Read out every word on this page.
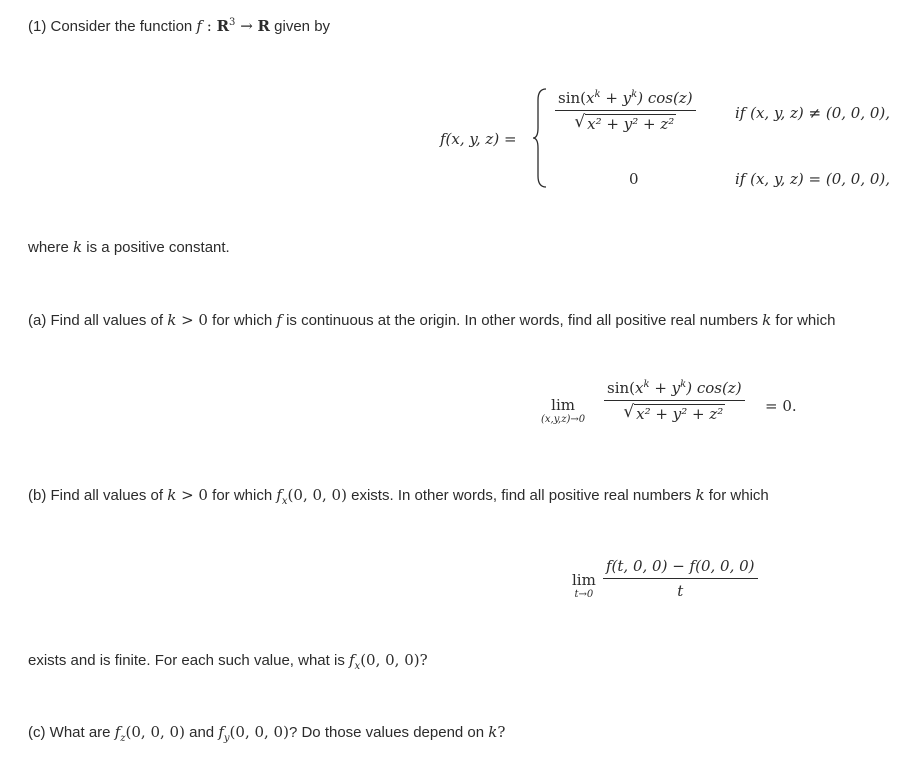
(1) Consider the function f : $R^3 \to R$ given by
f(x, y, z) =
$\frac{\sin(x^k + y^k) \cos(z)}{\text{√ x² + y² + z²}}$	if (x, y, z) ≠ (0, 0, 0),
0	if (x, y, z) = (0, 0, 0),
where k is a positive constant.
(a) Find all values of k > 0 for which f is continuous at the origin. In other words, find all positive real numbers k for which
lim
$(x,y,z)\to 0 \frac{\sin(x^k + y^k) \cos(z)}{\text{√ x² + y² + z²}} = 0$.
(b) Find all values of k > 0 for which $f_x(0$, 0, 0) exists. In other words, find all positive real numbers k for which
lim
$t\to 0 \frac{f(t, 0, 0) - f(0, 0, 0)}{t}$
exists and is finite. For each such value, what is $f_x(0$, 0, 0)?
(c) What are $f_z(0$, 0, 0) and $f_y(0$, 0, 0)? Do those values depend on k?
